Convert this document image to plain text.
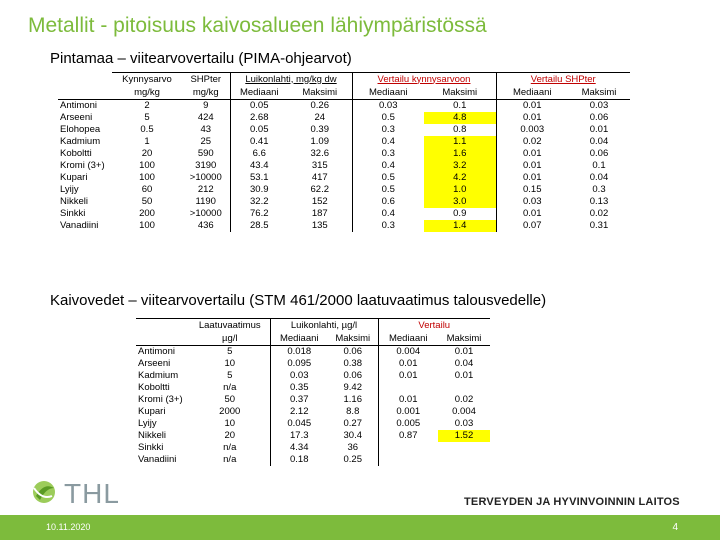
Metallit - pitoisuus kaivosalueen lähiympäristössä
Pintamaa – viitearvovertailu (PIMA-ohjearvot)
	Kynnysarvo	SHPter	Luikonlahti, mg/kg dw		Vertailu kynnysarvoon		Vertailu SHPter	
	mg/kg	mg/kg	Mediaani	Maksimi	Mediaani	Maksimi	Mediaani	Maksimi
Antimoni	2	9	0.05	0.26	0.03	0.1	0.01	0.03
Arseeni	5	424	2.68	24	0.5	4.8	0.01	0.06
Elohopea	0.5	43	0.05	0.39	0.3	0.8	0.003	0.01
Kadmium	1	25	0.41	1.09	0.4	1.1	0.02	0.04
Koboltti	20	590	6.6	32.6	0.3	1.6	0.01	0.06
Kromi (3+)	100	3190	43.4	315	0.4	3.2	0.01	0.1
Kupari	100	>10000	53.1	417	0.5	4.2	0.01	0.04
Lyijy	60	212	30.9	62.2	0.5	1.0	0.15	0.3
Nikkeli	50	1190	32.2	152	0.6	3.0	0.03	0.13
Sinkki	200	>10000	76.2	187	0.4	0.9	0.01	0.02
Vanadiini	100	436	28.5	135	0.3	1.4	0.07	0.31
Kaivovedet – viitearvovertailu (STM 461/2000 laatuvaatimus talousvedelle)
	Laatuvaatimus	Luikonlahti, µg/l		Vertailu	
	µg/l	Mediaani	Maksimi	Mediaani	Maksimi
Antimoni	5	0.018	0.06	0.004	0.01
Arseeni	10	0.095	0.38	0.01	0.04
Kadmium	5	0.03	0.06	0.01	0.01
Koboltti	n/a	0.35	9.42		
Kromi (3+)	50	0.37	1.16	0.01	0.02
Kupari	2000	2.12	8.8	0.001	0.004
Lyijy	10	0.045	0.27	0.005	0.03
Nikkeli	20	17.3	30.4	0.87	1.52
Sinkki	n/a	4.34	36		
Vanadiini	n/a	0.18	0.25		
THL	TERVEYDEN JA HYVINVOINNIN LAITOS
10.11.2020	4
